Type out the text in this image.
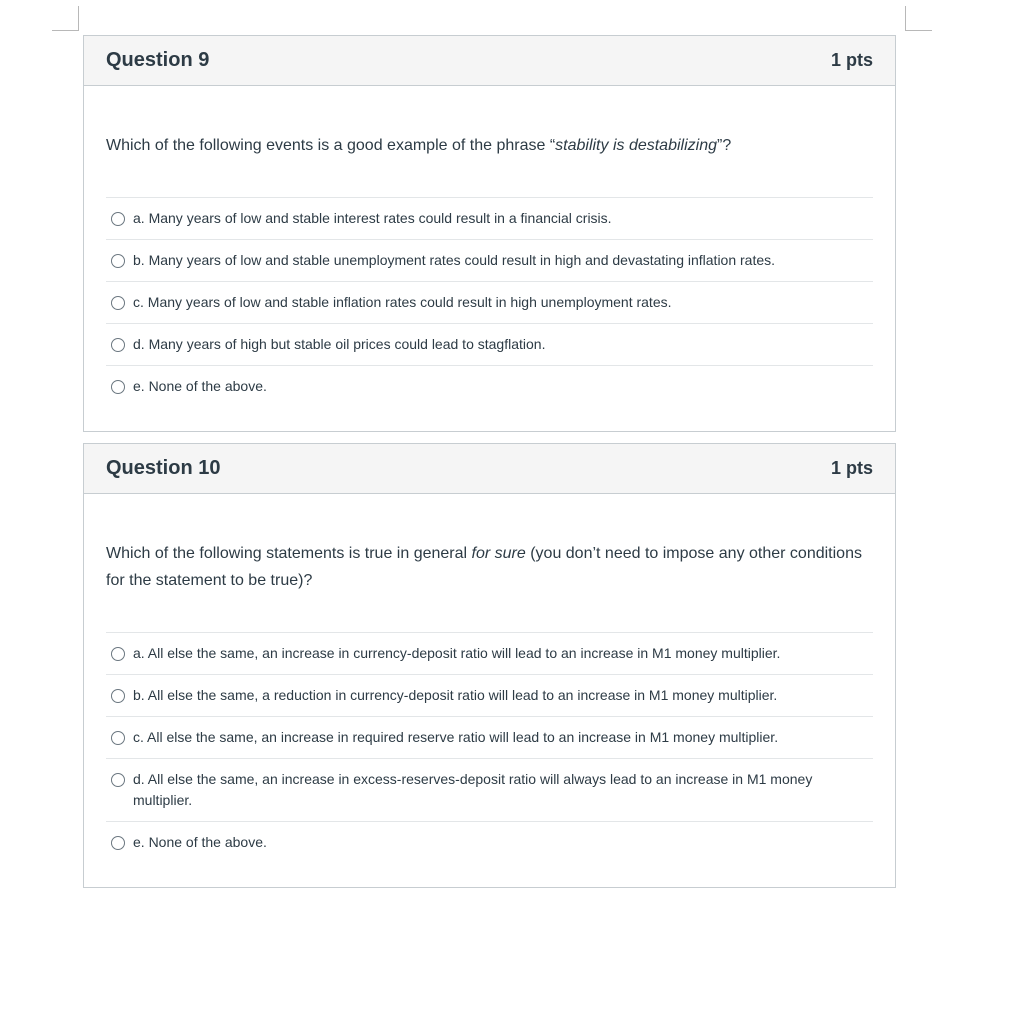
Question 9	1 pts
Which of the following events is a good example of the phrase “stability is destabilizing”?
a. Many years of low and stable interest rates could result in a financial crisis.
b. Many years of low and stable unemployment rates could result in high and devastating inflation rates.
c. Many years of low and stable inflation rates could result in high unemployment rates.
d. Many years of high but stable oil prices could lead to stagflation.
e. None of the above.
Question 10	1 pts
Which of the following statements is true in general for sure (you don’t need to impose any other conditions for the statement to be true)?
a. All else the same, an increase in currency-deposit ratio will lead to an increase in M1 money multiplier.
b. All else the same, a reduction in currency-deposit ratio will lead to an increase in M1 money multiplier.
c. All else the same, an increase in required reserve ratio will lead to an increase in M1 money multiplier.
d. All else the same, an increase in excess-reserves-deposit ratio will always lead to an increase in M1 money multiplier.
e. None of the above.
